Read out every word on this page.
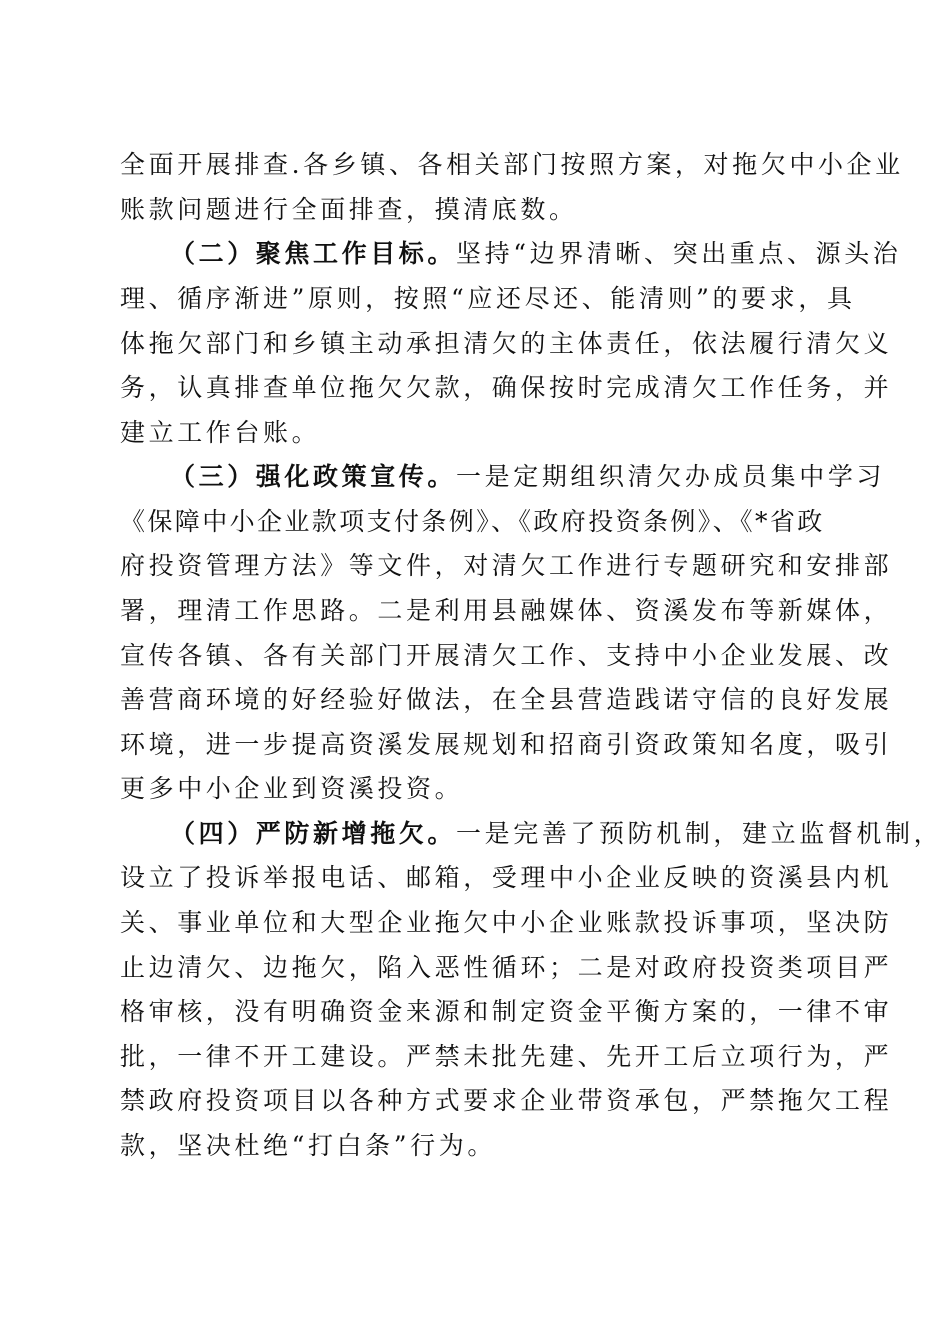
全面开展排查.各乡镇、各相关部门按照方案，对拖欠中小企业
账款问题进行全面排查，摸清底数。
（二）聚焦工作目标。坚持“边界清晰、突出重点、源头治
理、循序渐进”原则，按照“应还尽还、能清则”的要求，具
体拖欠部门和乡镇主动承担清欠的主体责任，依法履行清欠义
务，认真排查单位拖欠欠款，确保按时完成清欠工作任务，并
建立工作台账。
（三）强化政策宣传。一是定期组织清欠办成员集中学习
《保障中小企业款项支付条例》、《政府投资条例》、《*省政
府投资管理方法》等文件，对清欠工作进行专题研究和安排部
署，理清工作思路。二是利用县融媒体、资溪发布等新媒体，
宣传各镇、各有关部门开展清欠工作、支持中小企业发展、改
善营商环境的好经验好做法，在全县营造践诺守信的良好发展
环境，进一步提高资溪发展规划和招商引资政策知名度，吸引
更多中小企业到资溪投资。
（四）严防新增拖欠。一是完善了预防机制，建立监督机制，
设立了投诉举报电话、邮箱，受理中小企业反映的资溪县内机
关、事业单位和大型企业拖欠中小企业账款投诉事项，坚决防
止边清欠、边拖欠，陷入恶性循环；二是对政府投资类项目严
格审核，没有明确资金来源和制定资金平衡方案的，一律不审
批，一律不开工建设。严禁未批先建、先开工后立项行为，严
禁政府投资项目以各种方式要求企业带资承包，严禁拖欠工程
款，坚决杜绝“打白条”行为。
